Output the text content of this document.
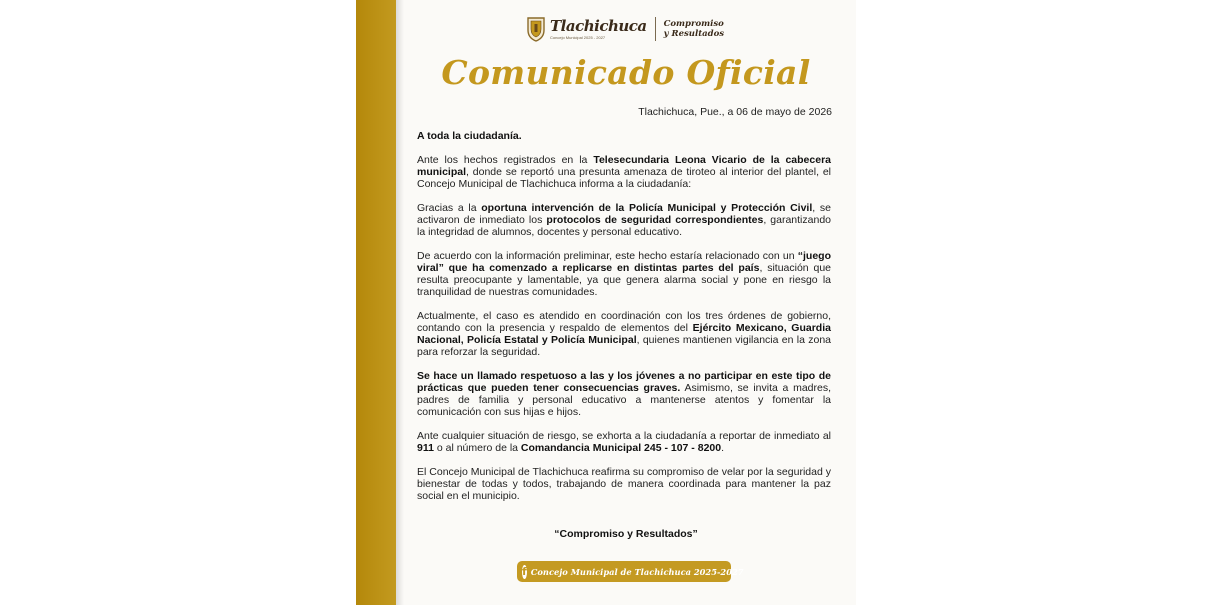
Tlachichuca
Concejo Municipal 2025 - 2027
Compromiso y Resultados
Comunicado Oficial
Tlachichuca, Pue., a 06 de mayo de 2026

A toda la ciudadanía.

Ante los hechos registrados en la Telesecundaria Leona Vicario de la cabecera municipal, donde se reportó una presunta amenaza de tiroteo al interior del plantel, el Concejo Municipal de Tlachichuca informa a la ciudadanía:

Gracias a la oportuna intervención de la Policía Municipal y Protección Civil, se activaron de inmediato los protocolos de seguridad correspondientes, garantizando la integridad de alumnos, docentes y personal educativo.

De acuerdo con la información preliminar, este hecho estaría relacionado con un “juego viral” que ha comenzado a replicarse en distintas partes del país, situación que resulta preocupante y lamentable, ya que genera alarma social y pone en riesgo la tranquilidad de nuestras comunidades.

Actualmente, el caso es atendido en coordinación con los tres órdenes de gobierno, contando con la presencia y respaldo de elementos del Ejército Mexicano, Guardia Nacional, Policía Estatal y Policía Municipal, quienes mantienen vigilancia en la zona para reforzar la seguridad.

Se hace un llamado respetuoso a las y los jóvenes a no participar en este tipo de prácticas que pueden tener consecuencias graves. Asimismo, se invita a madres, padres de familia y personal educativo a mantenerse atentos y fomentar la comunicación con sus hijas e hijos.

Ante cualquier situación de riesgo, se exhorta a la ciudadanía a reportar de inmediato al 911 o al número de la Comandancia Municipal 245 - 107 - 8200.

El Concejo Municipal de Tlachichuca reafirma su compromiso de velar por la seguridad y bienestar de todas y todos, trabajando de manera coordinada para mantener la paz social en el municipio.

“Compromiso y Resultados”
f Concejo Municipal de Tlachichuca 2025-2027
